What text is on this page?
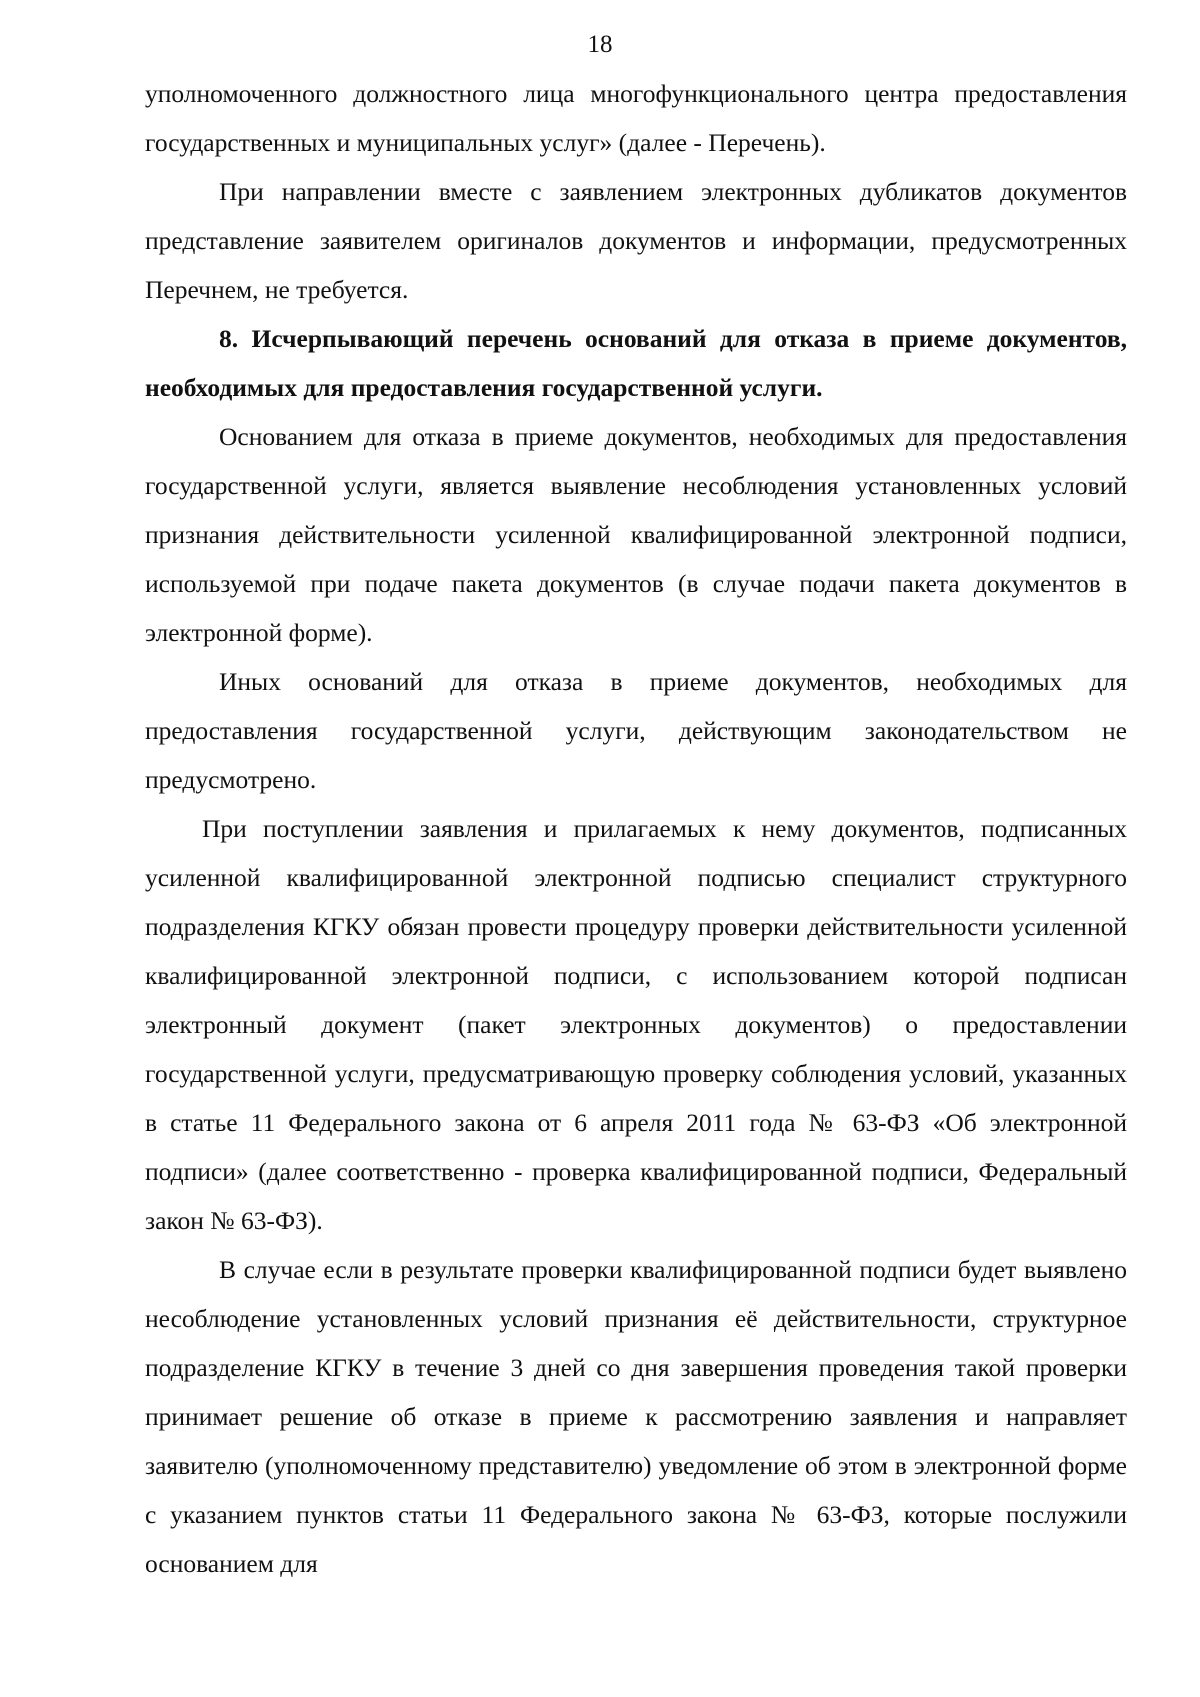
18

уполномоченного должностного лица многофункционального центра предоставления государственных и муниципальных услуг» (далее - Перечень).

При направлении вместе с заявлением электронных дубликатов документов представление заявителем оригиналов документов и информации, предусмотренных Перечнем, не требуется.

8. Исчерпывающий перечень оснований для отказа в приеме документов, необходимых для предоставления государственной услуги.

Основанием для отказа в приеме документов, необходимых для предоставления государственной услуги, является выявление несоблюдения установленных условий признания действительности усиленной квалифицированной электронной подписи, используемой при подаче пакета документов (в случае подачи пакета документов в электронной форме).

Иных оснований для отказа в приеме документов, необходимых для предоставления государственной услуги, действующим законодательством не предусмотрено.

При поступлении заявления и прилагаемых к нему документов, подписанных усиленной квалифицированной электронной подписью специалист структурного подразделения КГКУ обязан провести процедуру проверки действительности усиленной квалифицированной электронной подписи, с использованием которой подписан электронный документ (пакет электронных документов) о предоставлении государственной услуги, предусматривающую проверку соблюдения условий, указанных в статье 11 Федерального закона от 6 апреля 2011 года № 63-ФЗ «Об электронной подписи» (далее соответственно - проверка квалифицированной подписи, Федеральный закон № 63-ФЗ).

В случае если в результате проверки квалифицированной подписи будет выявлено несоблюдение установленных условий признания её действительности, структурное подразделение КГКУ в течение 3 дней со дня завершения проведения такой проверки принимает решение об отказе в приеме к рассмотрению заявления и направляет заявителю (уполномоченному представителю) уведомление об этом в электронной форме с указанием пунктов статьи 11 Федерального закона № 63-ФЗ, которые послужили основанием для
